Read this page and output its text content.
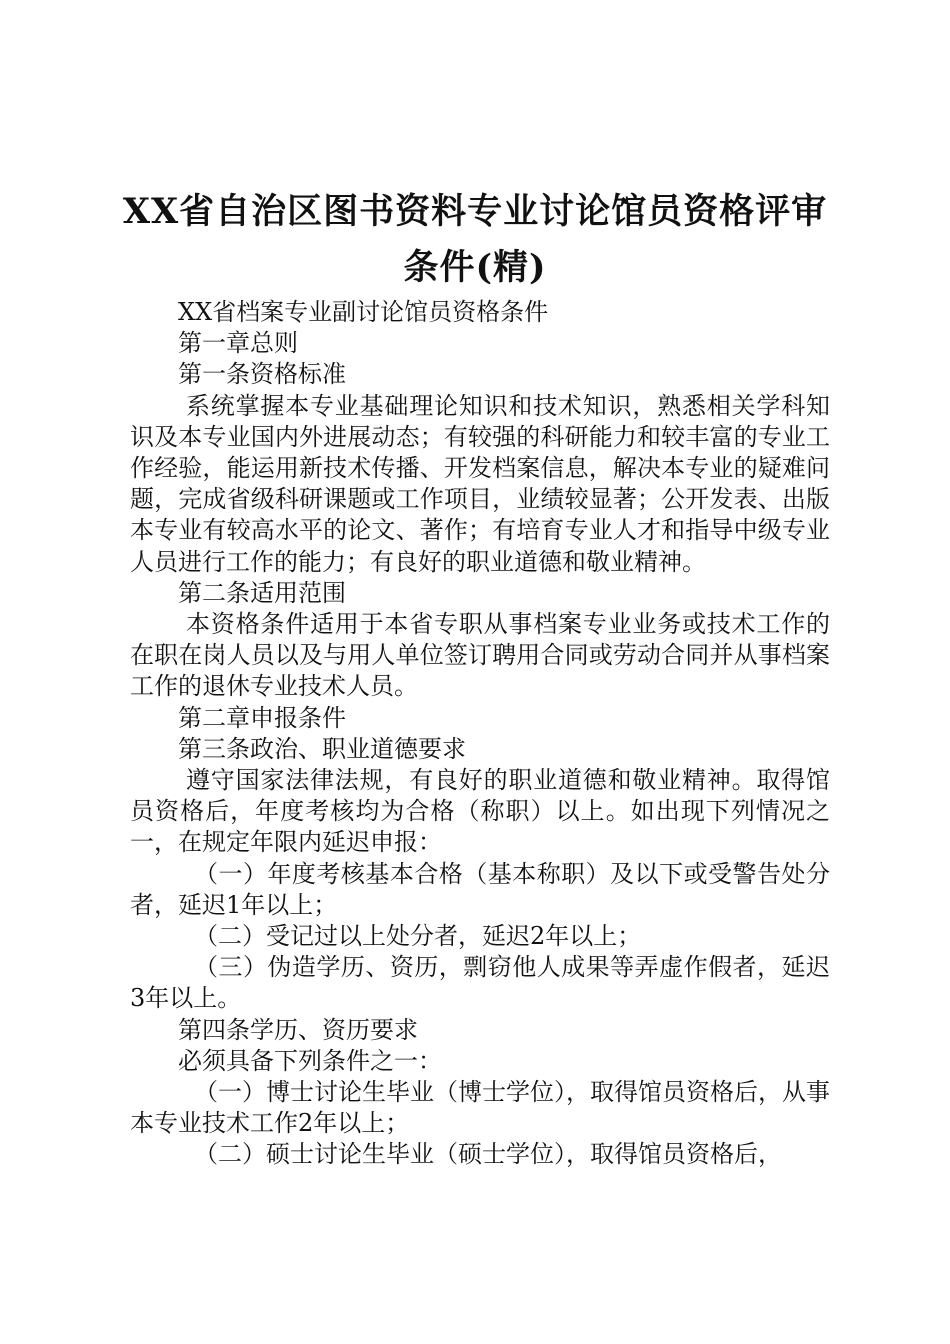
XX省自治区图书资料专业讨论馆员资格评审条件(精)

XX省档案专业副讨论馆员资格条件

第一章总则

第一条资格标准

系统掌握本专业基础理论知识和技术知识，熟悉相关学科知识及本专业国内外进展动态；有较强的科研能力和较丰富的专业工作经验，能运用新技术传播、开发档案信息，解决本专业的疑难问题，完成省级科研课题或工作项目，业绩较显著；公开发表、出版本专业有较高水平的论文、著作；有培育专业人才和指导中级专业人员进行工作的能力；有良好的职业道德和敬业精神。

第二条适用范围

本资格条件适用于本省专职从事档案专业业务或技术工作的在职在岗人员以及与用人单位签订聘用合同或劳动合同并从事档案工作的退休专业技术人员。

第二章申报条件

第三条政治、职业道德要求

遵守国家法律法规，有良好的职业道德和敬业精神。取得馆员资格后，年度考核均为合格（称职）以上。如出现下列情况之一，在规定年限内延迟申报：

（一）年度考核基本合格（基本称职）及以下或受警告处分者，延迟1年以上；

（二）受记过以上处分者，延迟2年以上；

（三）伪造学历、资历，剽窃他人成果等弄虚作假者，延迟3年以上。

第四条学历、资历要求

必须具备下列条件之一：

（一）博士讨论生毕业（博士学位），取得馆员资格后，从事本专业技术工作2年以上；

（二）硕士讨论生毕业（硕士学位），取得馆员资格后，
